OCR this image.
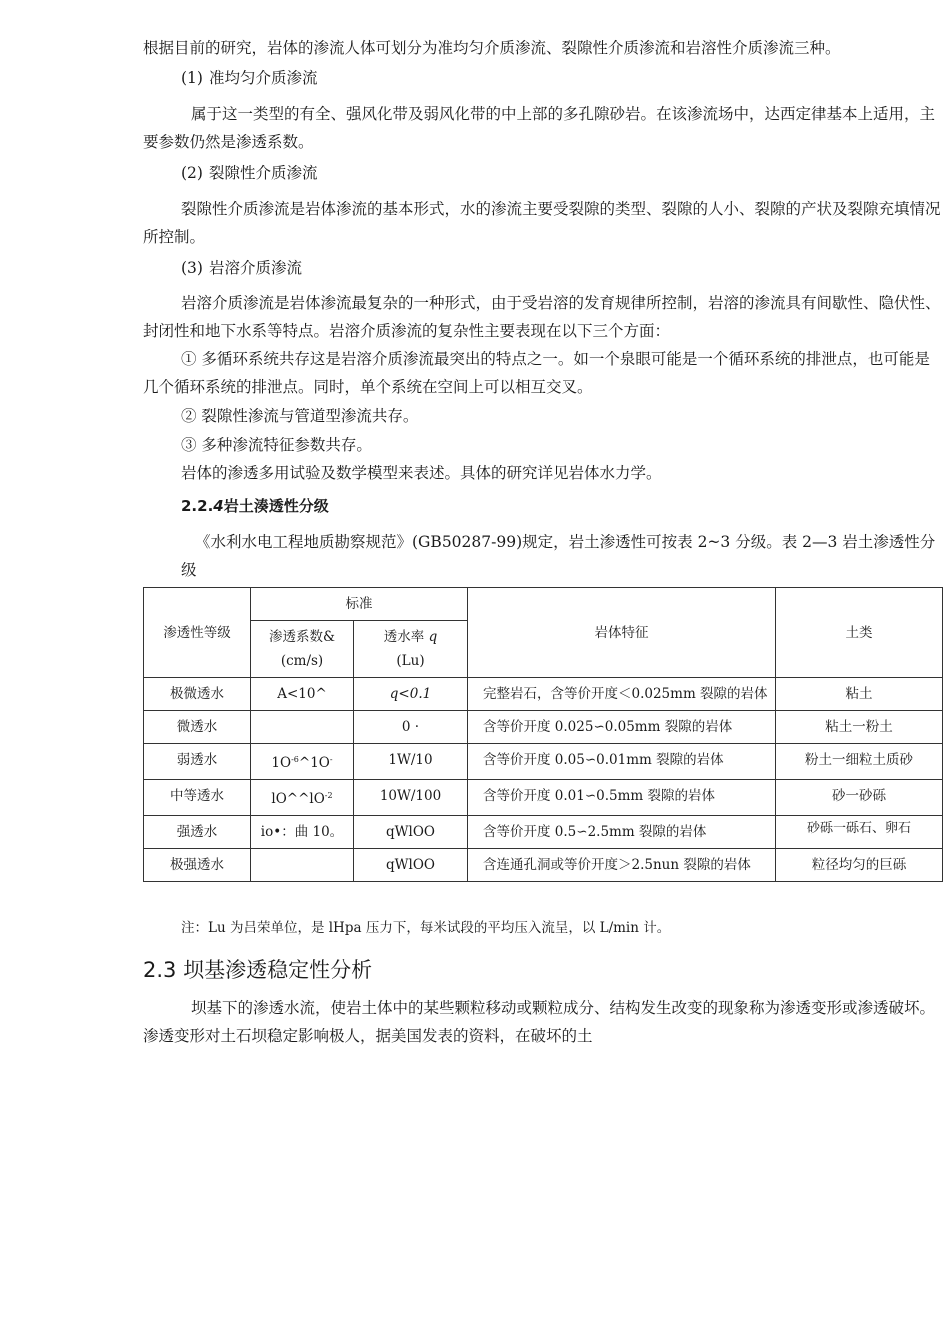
根据目前的研究，岩体的渗流人体可划分为准均匀介质渗流、裂隙性介质渗流和岩溶性介质渗流三种。
(1) 准均匀介质渗流
属于这一类型的有全、强风化带及弱风化带的中上部的多孔隙砂岩。在该渗流场中，达西定律基本上适用，主要参数仍然是渗透系数。
(2) 裂隙性介质渗流
裂隙性介质渗流是岩体渗流的基本形式，水的渗流主要受裂隙的类型、裂隙的人小、裂隙的产状及裂隙充填情况所控制。
(3) 岩溶介质渗流
岩溶介质渗流是岩体渗流最复杂的一种形式，由于受岩溶的发育规律所控制，岩溶的渗流具有间歇性、隐伏性、封闭性和地下水系等特点。岩溶介质渗流的复杂性主要表现在以下三个方面：
① 多循环系统共存这是岩溶介质渗流最突出的特点之一。如一个泉眼可能是一个循环系统的排泄点，也可能是几个循环系统的排泄点。同时，单个系统在空间上可以相互交叉。
② 裂隙性渗流与管道型渗流共存。
③ 多种渗流特征参数共存。
岩体的渗透多用试验及数学模型来表述。具体的研究详见岩体水力学。
2.2.4岩土湊透性分级
《水利水电工程地质勘察规范》(GB50287-99)规定，岩土渗透性可按表 2~3 分级。表 2—3 岩土渗透性分级
渗透性等级	标准		岩体特征	土类
	渗透系数&
(cm/s)	透水率 q
(Lu)		
极微透水	A<10^	q<0.1	完整岩石，含等价开度＜0.025mm 裂隙的岩体	粘土
微透水		0 ·	含等价开度 0.025∽0.05mm 裂隙的岩体	粘土一粉土
弱透水	$1O^{-6}\^{}1O^-$	1W/10	含等价开度 0.05∽0.01mm 裂隙的岩体	粉土一细粒土质砂
中等透水	$lO\^{}\^{}lO^{-2}$	10W/100	含等价开度 0.01∽0.5mm 裂隙的岩体	砂一砂砾
强透水	io•：曲 10。	qWlOO	含等价开度 0.5∽2.5mm 裂隙的岩体	砂砾一砾石、卵石
极强透水		qWlOO	含连通孔洞或等价开度＞2.5nun 裂隙的岩体	粒径均匀的巨砾
注：Lu 为吕荣单位，是 lHpa 压力下，每米试段的平均压入流呈，以 L/min 计。
2.3 坝基渗透稳定性分析
坝基下的渗透水流，使岩土体中的某些颗粒移动或颗粒成分、结构发生改变的现象称为渗透变形或渗透破坏。渗透变形对土石坝稳定影响极人，据美国发表的资料，在破坏的土
